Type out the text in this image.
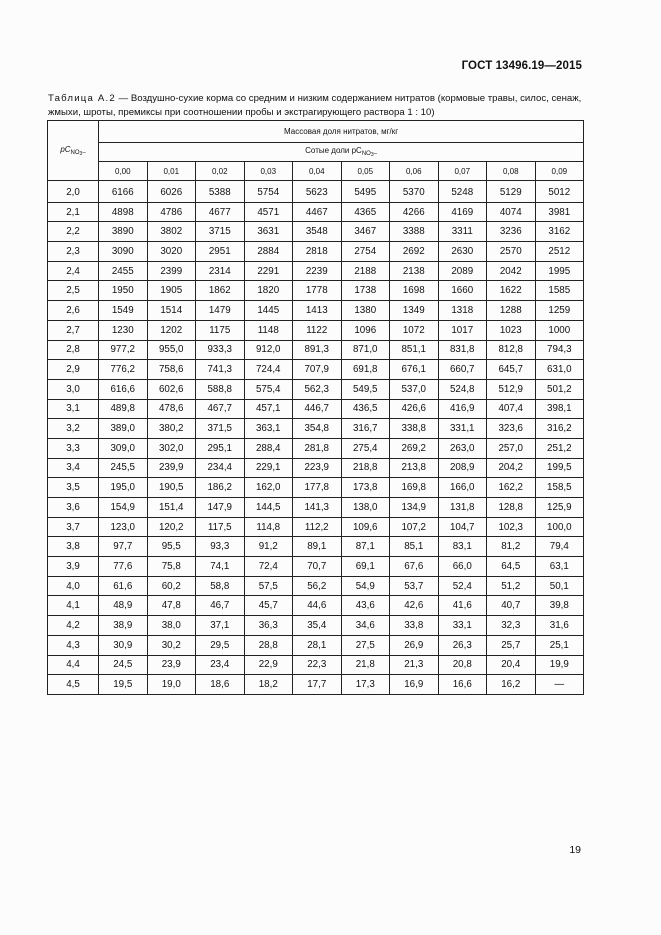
ГОСТ 13496.19—2015
Таблица А.2 — Воздушно-сухие корма со средним и низким содержанием нитратов (кормовые травы, силос, сенаж, жмыхи, шроты, премиксы при соотношении пробы и экстрагирующего раствора 1 : 10)
$pC_{NO3-}$	Массовая доля нитратов, мг/кг									
	Сотые доли $pC_{NO3-}$
	0,00	0,01	0,02	0,03	0,04	0,05	0,06	0,07	0,08	0,09
2,0	6166	6026	5388	5754	5623	5495	5370	5248	5129	5012
2,1	4898	4786	4677	4571	4467	4365	4266	4169	4074	3981
2,2	3890	3802	3715	3631	3548	3467	3388	3311	3236	3162
2,3	3090	3020	2951	2884	2818	2754	2692	2630	2570	2512
2,4	2455	2399	2314	2291	2239	2188	2138	2089	2042	1995
2,5	1950	1905	1862	1820	1778	1738	1698	1660	1622	1585
2,6	1549	1514	1479	1445	1413	1380	1349	1318	1288	1259
2,7	1230	1202	1175	1148	1122	1096	1072	1017	1023	1000
2,8	977,2	955,0	933,3	912,0	891,3	871,0	851,1	831,8	812,8	794,3
2,9	776,2	758,6	741,3	724,4	707,9	691,8	676,1	660,7	645,7	631,0
3,0	616,6	602,6	588,8	575,4	562,3	549,5	537,0	524,8	512,9	501,2
3,1	489,8	478,6	467,7	457,1	446,7	436,5	426,6	416,9	407,4	398,1
3,2	389,0	380,2	371,5	363,1	354,8	316,7	338,8	331,1	323,6	316,2
3,3	309,0	302,0	295,1	288,4	281,8	275,4	269,2	263,0	257,0	251,2
3,4	245,5	239,9	234,4	229,1	223,9	218,8	213,8	208,9	204,2	199,5
3,5	195,0	190,5	186,2	162,0	177,8	173,8	169,8	166,0	162,2	158,5
3,6	154,9	151,4	147,9	144,5	141,3	138,0	134,9	131,8	128,8	125,9
3,7	123,0	120,2	117,5	114,8	112,2	109,6	107,2	104,7	102,3	100,0
3,8	97,7	95,5	93,3	91,2	89,1	87,1	85,1	83,1	81,2	79,4
3,9	77,6	75,8	74,1	72,4	70,7	69,1	67,6	66,0	64,5	63,1
4,0	61,6	60,2	58,8	57,5	56,2	54,9	53,7	52,4	51,2	50,1
4,1	48,9	47,8	46,7	45,7	44,6	43,6	42,6	41,6	40,7	39,8
4,2	38,9	38,0	37,1	36,3	35,4	34,6	33,8	33,1	32,3	31,6
4,3	30,9	30,2	29,5	28,8	28,1	27,5	26,9	26,3	25,7	25,1
4,4	24,5	23,9	23,4	22,9	22,3	21,8	21,3	20,8	20,4	19,9
4,5	19,5	19,0	18,6	18,2	17,7	17,3	16,9	16,6	16,2	—
19
